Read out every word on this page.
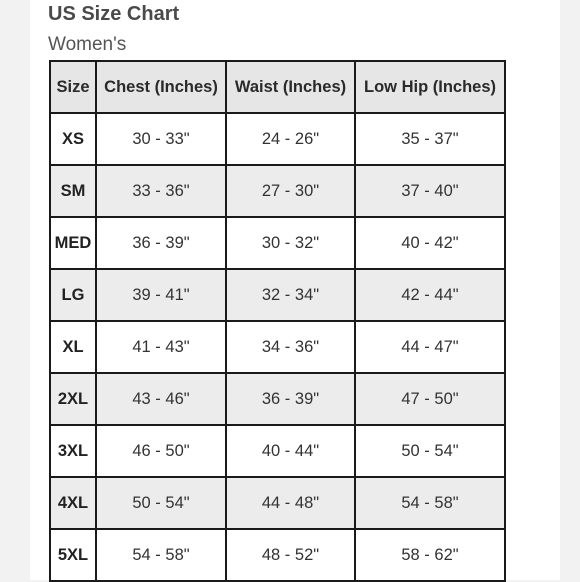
US Size Chart
Women's
Size	Chest (Inches)	Waist (Inches)	Low Hip (Inches)
XS	30 - 33"	24 - 26"	35 - 37"
SM	33 - 36"	27 - 30"	37 - 40"
MED	36 - 39"	30 - 32"	40 - 42"
LG	39 - 41"	32 - 34"	42 - 44"
XL	41 - 43"	34 - 36"	44 - 47"
2XL	43 - 46"	36 - 39"	47 - 50"
3XL	46 - 50"	40 - 44"	50 - 54"
4XL	50 - 54"	44 - 48"	54 - 58"
5XL	54 - 58"	48 - 52"	58 - 62"
